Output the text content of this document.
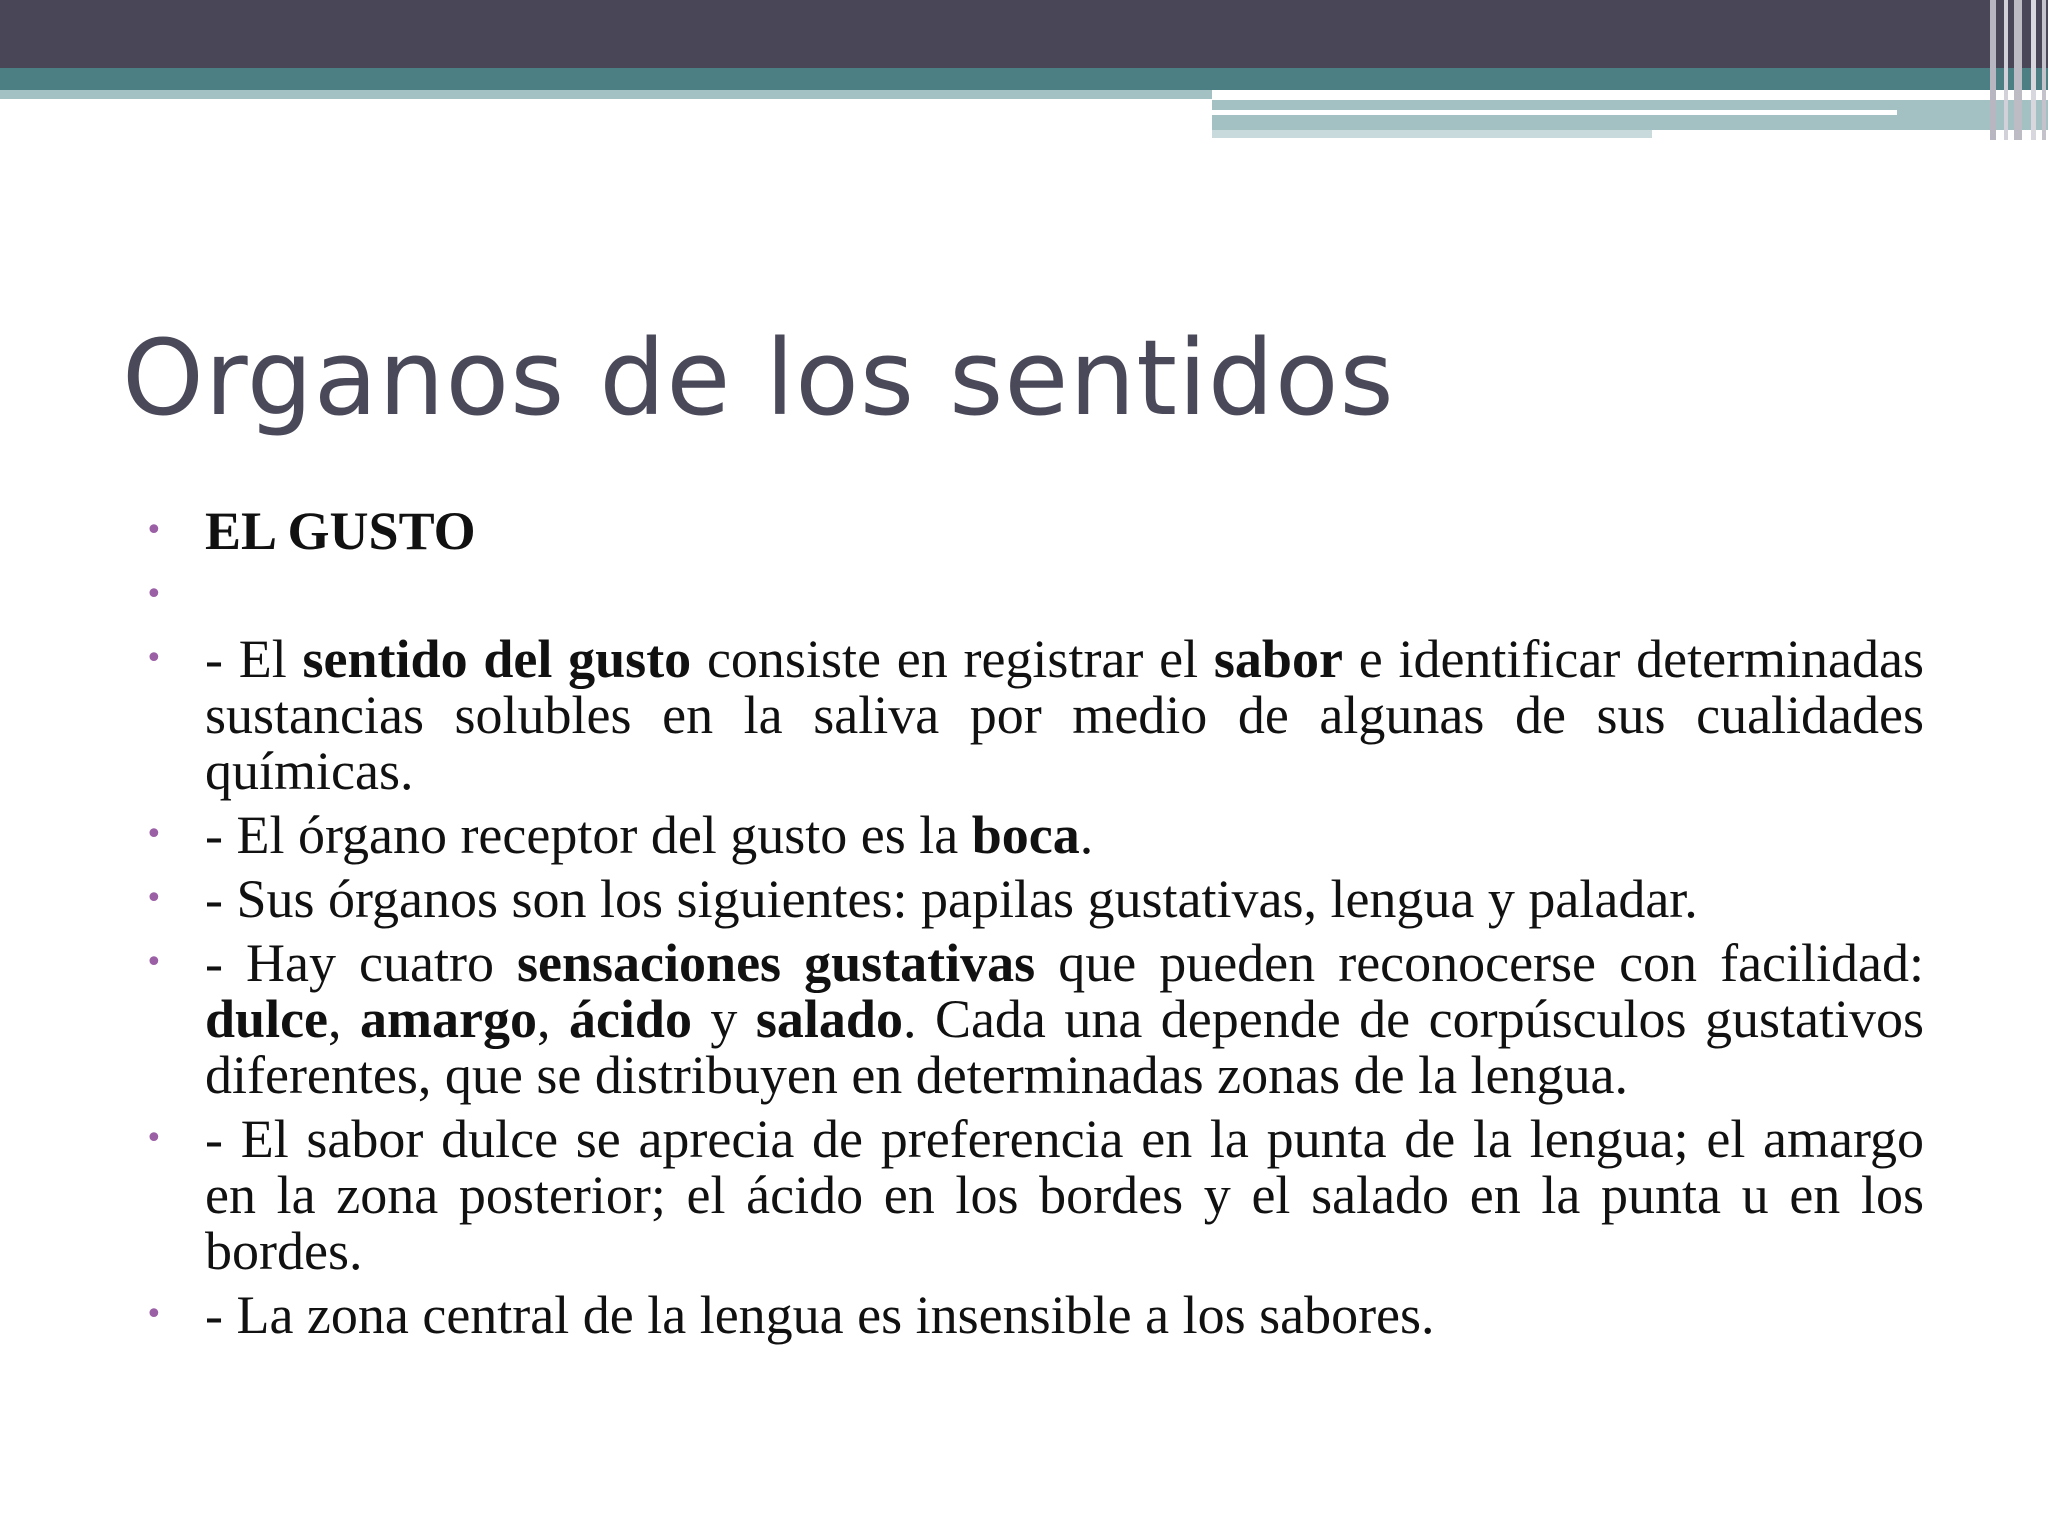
Organos de los sentidos
• EL GUSTO
•
• - El sentido del gusto consiste en registrar el sabor e identificar determinadas sustancias solubles en la saliva por medio de algunas de sus cualidades químicas.
• - El órgano receptor del gusto es la boca.
• - Sus órganos son los siguientes: papilas gustativas, lengua y paladar.
• - Hay cuatro sensaciones gustativas que pueden reconocerse con facilidad: dulce, amargo, ácido y salado. Cada una depende de corpúsculos gustativos diferentes, que se distribuyen en determinadas zonas de la lengua.
• - El sabor dulce se aprecia de preferencia en la punta de la lengua; el amargo en la zona posterior; el ácido en los bordes y el salado en la punta u en los bordes.
• - La zona central de la lengua es insensible a los sabores.
